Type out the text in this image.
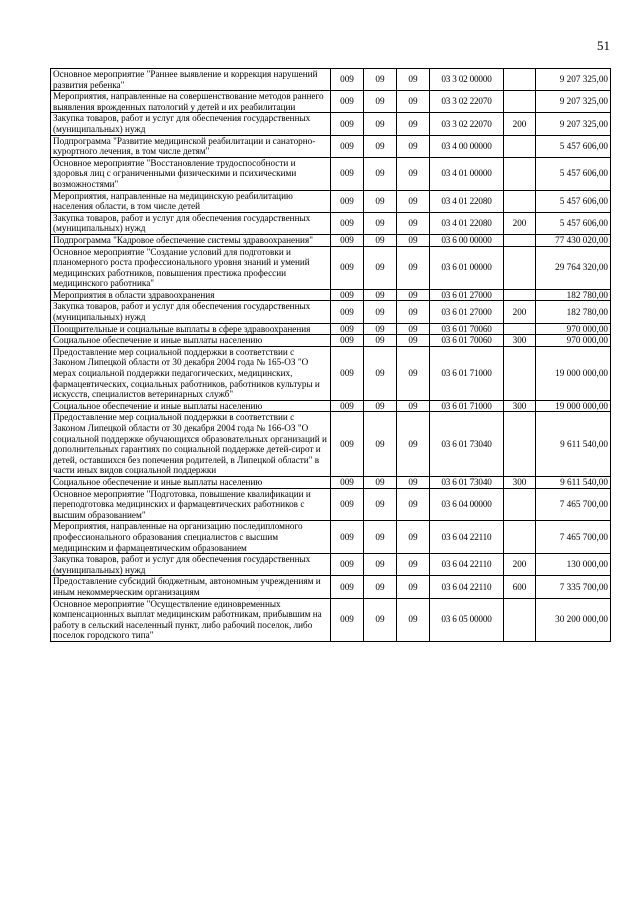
51
Основное мероприятие "Раннее выявление и коррекция нарушений развития ребенка"	009	09	09	03 3 02 00000		9 207 325,00
Мероприятия, направленные на совершенствование методов раннего выявления врожденных патологий у детей и их реабилитации	009	09	09	03 3 02 22070		9 207 325,00
Закупка товаров, работ и услуг для обеспечения государственных (муниципальных) нужд	009	09	09	03 3 02 22070	200	9 207 325,00
Подпрограмма "Развитие медицинской реабилитации и санаторно-курортного лечения, в том числе детям"	009	09	09	03 4 00 00000		5 457 606,00
Основное мероприятие "Восстановление трудоспособности и здоровья лиц с ограниченными физическими и психическими возможностями"	009	09	09	03 4 01 00000		5 457 606,00
Мероприятия, направленные на медицинскую реабилитацию населения области, в том числе детей	009	09	09	03 4 01 22080		5 457 606,00
Закупка товаров, работ и услуг для обеспечения государственных (муниципальных) нужд	009	09	09	03 4 01 22080	200	5 457 606,00
Подпрограмма "Кадровое обеспечение системы здравоохранения"	009	09	09	03 6 00 00000		77 430 020,00
Основное мероприятие "Создание условий для подготовки и планомерного роста профессионального уровня знаний и умений медицинских работников, повышения престижа профессии медицинского работника"	009	09	09	03 6 01 00000		29 764 320,00
Мероприятия в области здравоохранения	009	09	09	03 6 01 27000		182 780,00
Закупка товаров, работ и услуг для обеспечения государственных (муниципальных) нужд	009	09	09	03 6 01 27000	200	182 780,00
Поощрительные и социальные выплаты в сфере здравоохранения	009	09	09	03 6 01 70060		970 000,00
Социальное обеспечение и иные выплаты населению	009	09	09	03 6 01 70060	300	970 000,00
Предоставление мер социальной поддержки в соответствии с Законом Липецкой области от 30 декабря 2004 года № 165-ОЗ "О мерах социальной поддержки педагогических, медицинских, фармацевтических, социальных работников, работников культуры и искусств, специалистов ветеринарных служб"	009	09	09	03 6 01 71000		19 000 000,00
Социальное обеспечение и иные выплаты населению	009	09	09	03 6 01 71000	300	19 000 000,00
Предоставление мер социальной поддержки в соответствии с Законом Липецкой области от 30 декабря 2004 года № 166-ОЗ "О социальной поддержке обучающихся образовательных организаций и дополнительных гарантиях по социальной поддержке детей-сирот и детей, оставшихся без попечения родителей, в Липецкой области" в части иных видов социальной поддержки	009	09	09	03 6 01 73040		9 611 540,00
Социальное обеспечение и иные выплаты населению	009	09	09	03 6 01 73040	300	9 611 540,00
Основное мероприятие "Подготовка, повышение квалификации и переподготовка медицинских и фармацевтических работников с высшим образованием"	009	09	09	03 6 04 00000		7 465 700,00
Мероприятия, направленные на организацию последипломного профессионального образования специалистов с высшим медицинским и фармацевтическим образованием	009	09	09	03 6 04 22110		7 465 700,00
Закупка товаров, работ и услуг для обеспечения государственных (муниципальных) нужд	009	09	09	03 6 04 22110	200	130 000,00
Предоставление субсидий бюджетным, автономным учреждениям и иным некоммерческим организациям	009	09	09	03 6 04 22110	600	7 335 700,00
Основное мероприятие "Осуществление единовременных компенсационных выплат медицинским работникам, прибывшим на работу в сельский населенный пункт, либо рабочий поселок, либо поселок городского типа"	009	09	09	03 6 05 00000		30 200 000,00
